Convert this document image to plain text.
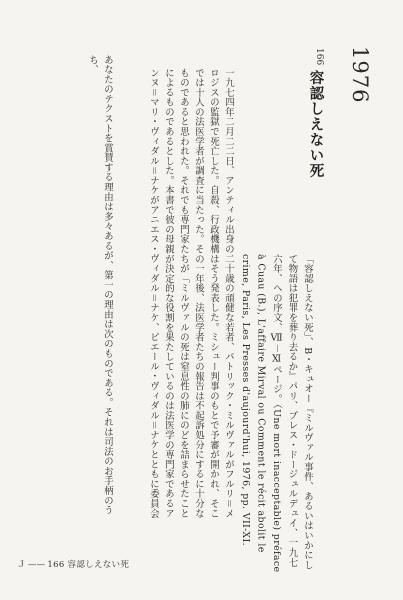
1976
166
容認しえない死
「容認しえない死」、B・キュオー『ミルヴァル事件、あるいはいかにして物語は犯罪を葬り去るか』パリ、プレス・ドージュルデュイ、一九七六年、への序文、Ⅶ－Ⅺページ。（Une mort inacceptable) préface à Cuau (B.), L'affaire Mirval ou Comment le récit abolit le crime, Paris, Les Presses d'aujourd'hui, 1976, pp. VII-XI.
一九七四年二月二二日、アンティル出身の二十歳の頑健な若者、パトリック・ミルヴァルがフルリ＝メロジスの監獄で死亡した。自殺、行政機構はそう発表した。ミシュー判事のもとで予審が開かれ、そこでは十人の法医学者が調査に当たった。その一年後、法医学者たちの報告は不起訴処分にするに十分なものであると思われた。それでも専門家たちが「ミルヴァルの死は窒息性の肺にのどを詰まらせたことによるものであるとした。本書で彼の母親が決定的な役割を果たしているのは法医学の専門家であるアンヌ＝マリ・ヴィダル＝ナケがアニエス・ヴィダル＝ナケ、ピエール・ヴィダル＝ナケとともに委員会
あなたのテクストを賞賛する理由は多々あるが、第一の理由は次のものである。それは司法のお手柄のうち、
Ｊ —— 166 容認しえない死
